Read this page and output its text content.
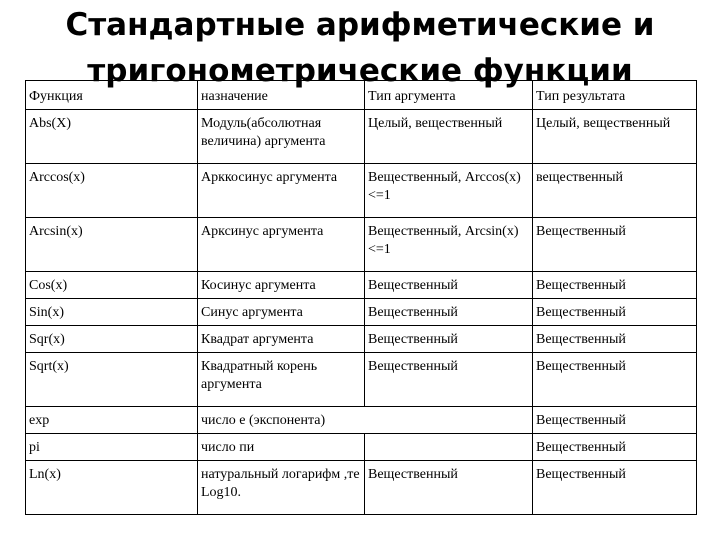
Стандартные арифметические и
тригонометрические функции
Функция	назначение	Тип аргумента	Тип результата
Abs(X)	Модуль(абсолютная величина) аргумента	Целый, вещественный	Целый, вещественный
Arccos(x)	Арккосинус аргумента	Вещественный, Arccos(x)<=1	вещественный
Arcsin(x)	Арксинус аргумента	Вещественный, Arcsin(x)<=1	Вещественный
Cos(x)	Косинус аргумента	Вещественный	Вещественный
Sin(x)	Синус аргумента	Вещественный	Вещественный
Sqr(x)	Квадрат аргумента	Вещественный	Вещественный
Sqrt(x)	Квадратный корень аргумента	Вещественный	Вещественный
exp	число е (экспонента)		Вещественный
pi	число пи		Вещественный
Ln(x)	натуральный логарифм ,те Log10.	Вещественный	Вещественный
